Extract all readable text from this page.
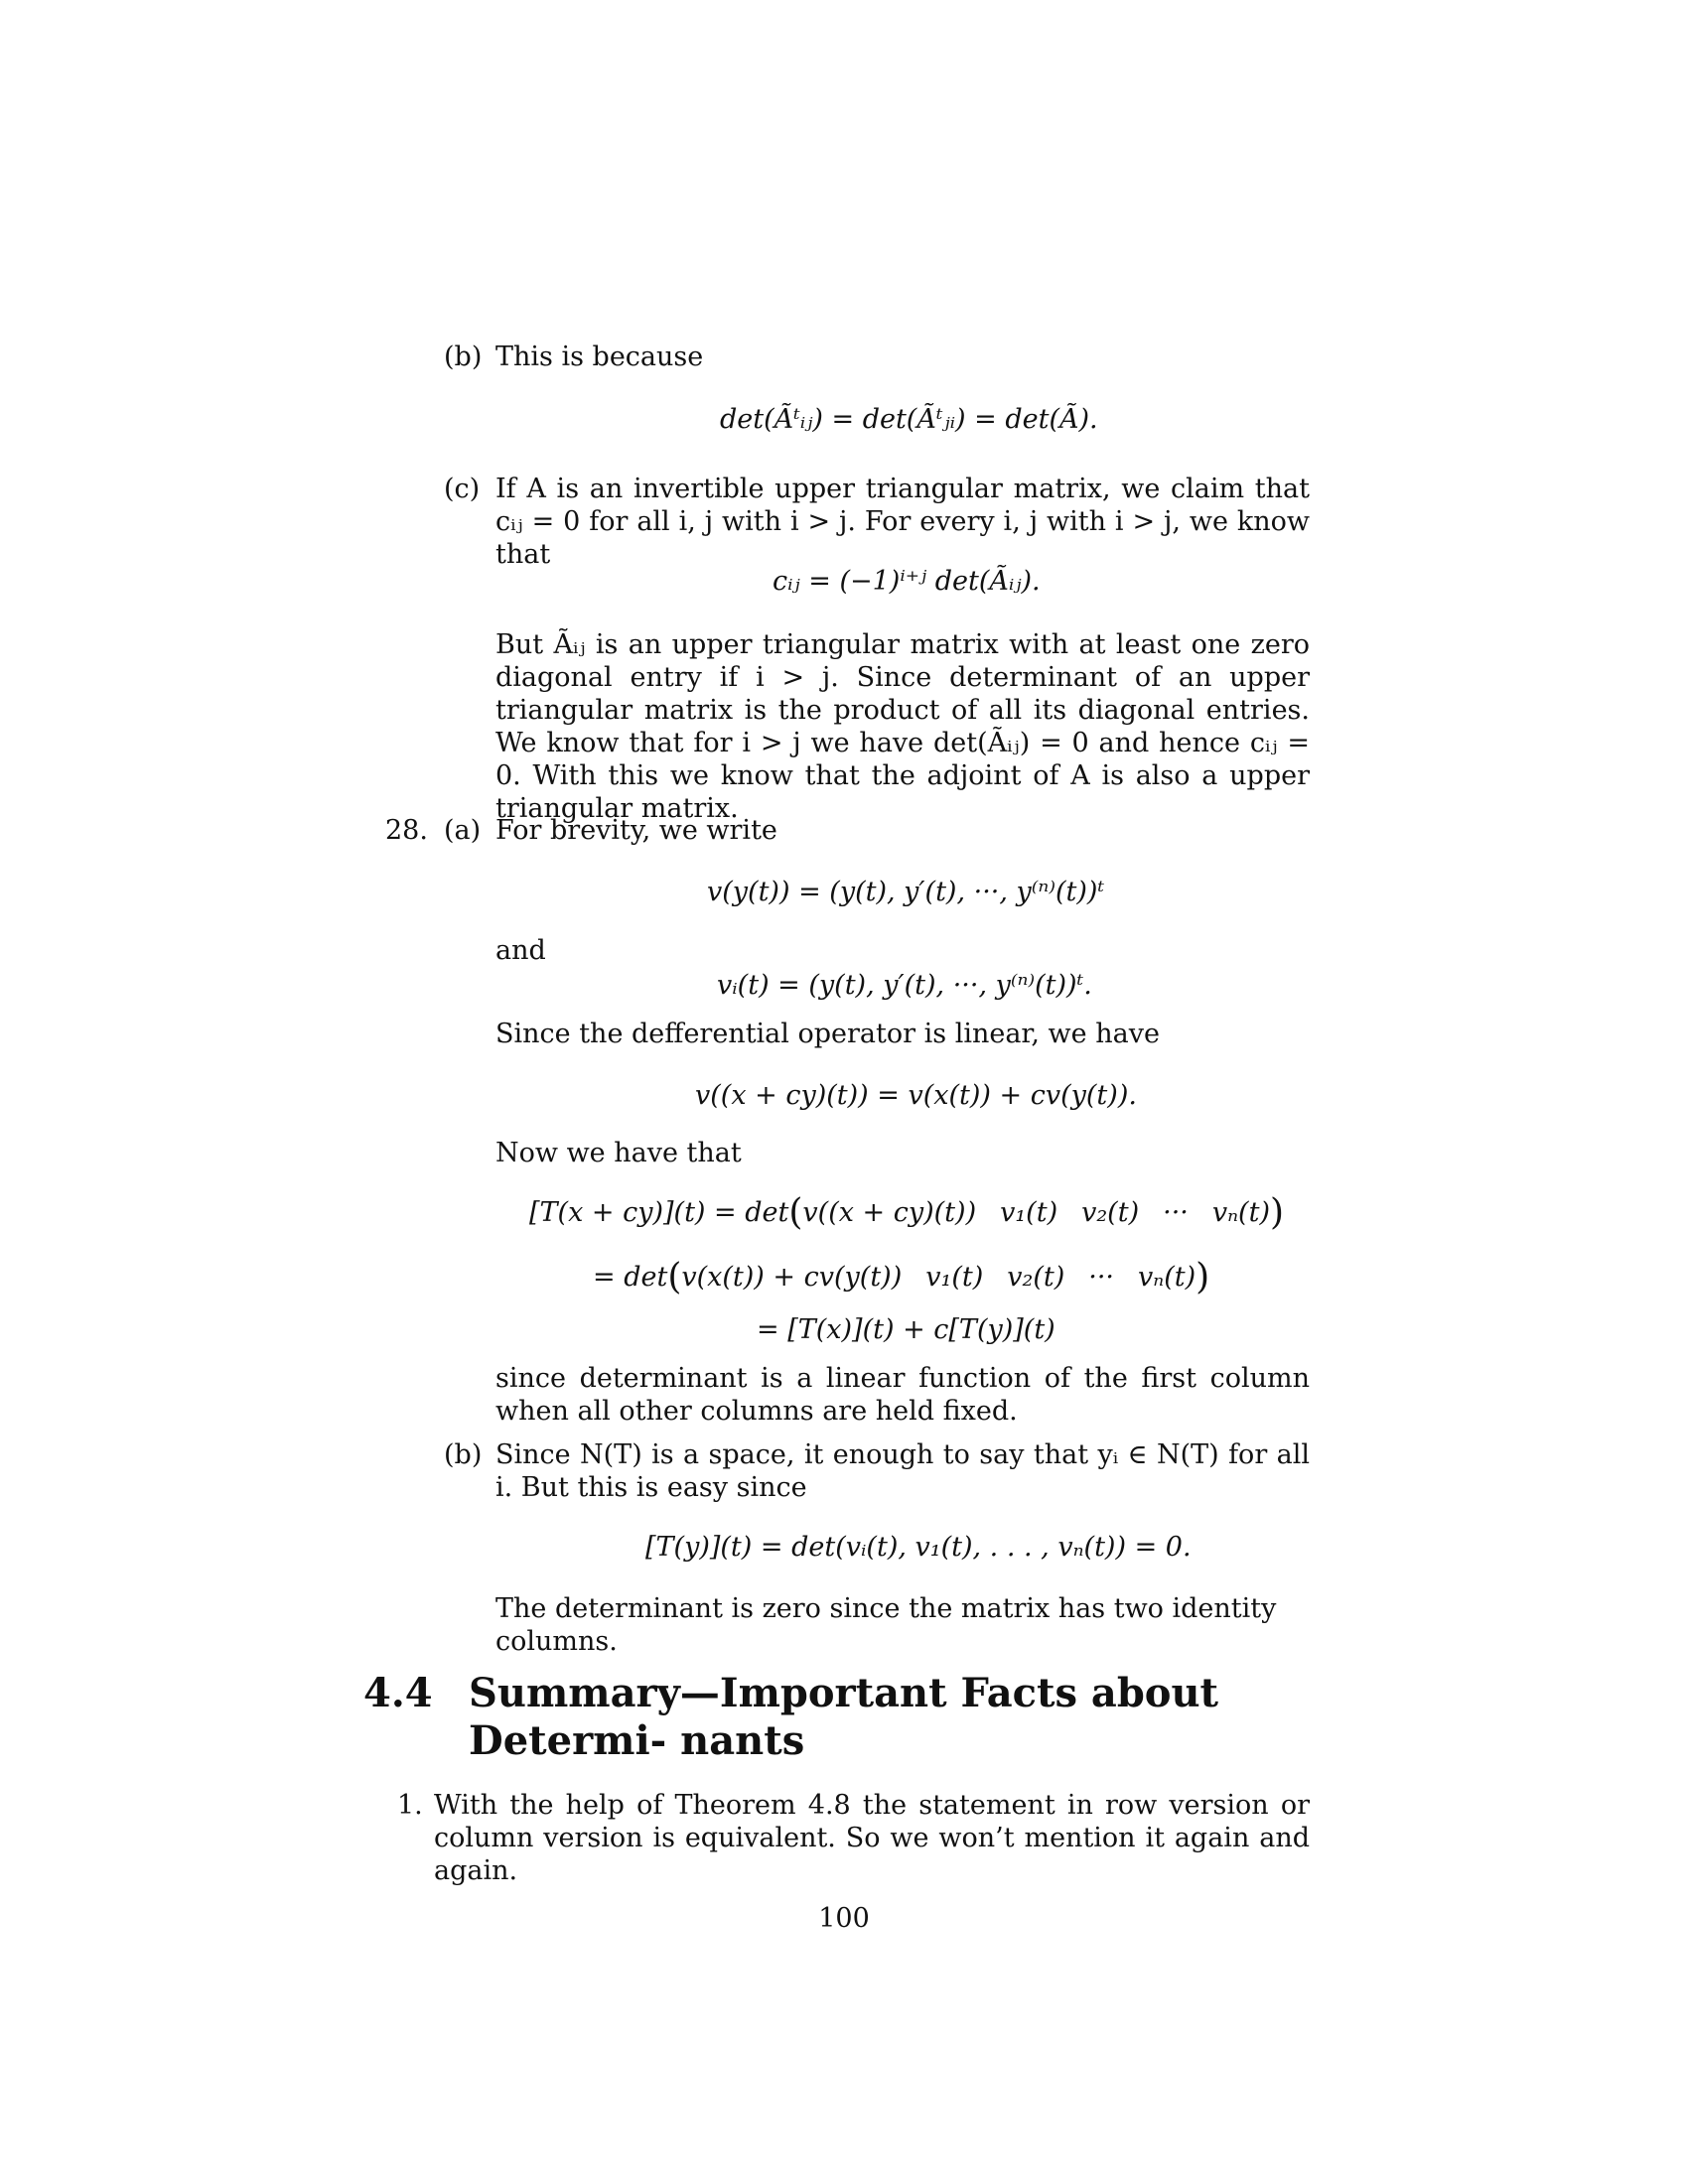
(b) This is because
det(Ãᵗᵢⱼ) = det(Ãᵗⱼᵢ) = det(Ã).
(c) If A is an invertible upper triangular matrix, we claim that cᵢⱼ = 0 for all i, j with i > j. For every i, j with i > j, we know that
cᵢⱼ = (−1)ⁱ⁺ʲ det(Ãᵢⱼ).
But Ãᵢⱼ is an upper triangular matrix with at least one zero diagonal entry if i > j. Since determinant of an upper triangular matrix is the product of all its diagonal entries. We know that for i > j we have det(Ãᵢⱼ) = 0 and hence cᵢⱼ = 0. With this we know that the adjoint of A is also a upper triangular matrix.
28. (a) For brevity, we write
v(y(t)) = (y(t), y′(t), ···, y⁽ⁿ⁾(t))ᵗ
and
vᵢ(t) = (y(t), y′(t), ···, y⁽ⁿ⁾(t))ᵗ.
Since the defferential operator is linear, we have
v((x + cy)(t)) = v(x(t)) + cv(y(t)).
Now we have that
[T(x + cy)](t) = det(v((x + cy)(t)) v₁(t) v₂(t) ··· vₙ(t))
= det(v(x(t)) + cv(y(t)) v₁(t) v₂(t) ··· vₙ(t))
= [T(x)](t) + c[T(y)](t)
since determinant is a linear function of the first column when all other columns are held fixed.
(b) Since N(T) is a space, it enough to say that yᵢ ∈ N(T) for all i. But this is easy since
[T(y)](t) = det(vᵢ(t), v₁(t), . . . , vₙ(t)) = 0.
The determinant is zero since the matrix has two identity columns.
4.4 Summary—Important Facts about Determi- nants
1. With the help of Theorem 4.8 the statement in row version or column version is equivalent. So we won’t mention it again and again.
100
